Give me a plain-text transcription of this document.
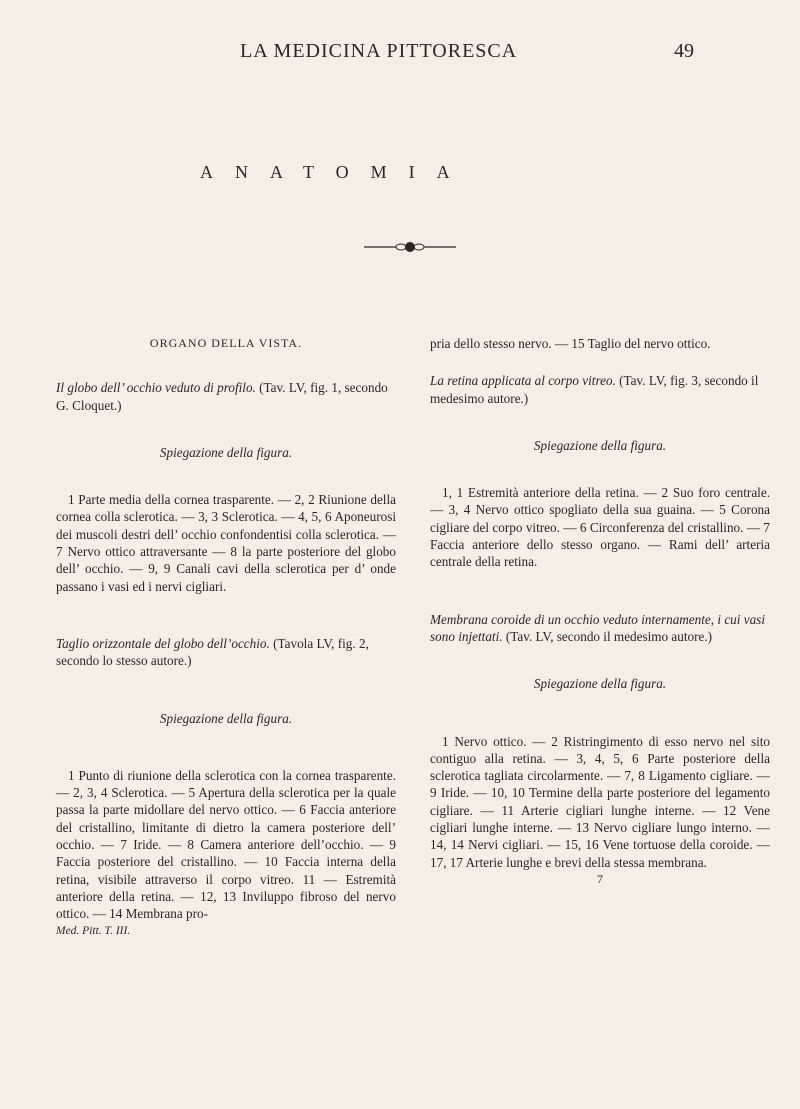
LA MEDICINA PITTORESCA	49
ANATOMIA

ORGANO DELLA VISTA.

Il globo dell’ occhio veduto di profilo. (Tav. LV, fig. 1, secondo G. Cloquet.)

Spiegazione della figura.

1 Parte media della cornea trasparente. — 2, 2 Riunione della cornea colla sclerotica. — 3, 3 Sclerotica. — 4, 5, 6 Aponeurosi dei muscoli destri dell’ occhio confondentisi colla sclerotica. — 7 Nervo ottico attraversante — 8 la parte posteriore del globo dell’ occhio. — 9, 9 Canali cavi della sclerotica per d’ onde passano i vasi ed i nervi cigliari.

Taglio orizzontale del globo dell’occhio. (Tavola LV, fig. 2, secondo lo stesso autore.)

Spiegazione della figura.

1 Punto di riunione della sclerotica con la cornea trasparente. — 2, 3, 4 Sclerotica. — 5 Apertura della sclerotica per la quale passa la parte midollare del nervo ottico. — 6 Faccia anteriore del cristallino, limitante di dietro la camera posteriore dell’ occhio. — 7 Iride. — 8 Camera anteriore dell’occhio. — 9 Faccia posteriore del cristallino. — 10 Faccia interna della retina, visibile attraverso il corpo vitreo. 11 — Estremità anteriore della retina. — 12, 13 Inviluppo fibroso del nervo ottico. — 14 Membrana pro-

Med. Pitt. T. III.

pria dello stesso nervo. — 15 Taglio del nervo ottico.

La retina applicata al corpo vitreo. (Tav. LV, fig. 3, secondo il medesimo autore.)

Spiegazione della figura.

1, 1 Estremità anteriore della retina. — 2 Suo foro centrale. — 3, 4 Nervo ottico spogliato della sua guaina. — 5 Corona cigliare del corpo vitreo. — 6 Circonferenza del cristallino. — 7 Faccia anteriore dello stesso organo. — Rami dell’ arteria centrale della retina.

Membrana coroide di un occhio veduto internamente, i cui vasi sono injettati. (Tav. LV, secondo il medesimo autore.)

Spiegazione della figura.

1 Nervo ottico. — 2 Ristringimento di esso nervo nel sito contiguo alla retina. — 3, 4, 5, 6 Parte posteriore della sclerotica tagliata circolarmente. — 7, 8 Ligamento cigliare. — 9 Iride. — 10, 10 Termine della parte posteriore del legamento cigliare. — 11 Arterie cigliari lunghe interne. — 12 Vene cigliari lunghe interne. — 13 Nervo cigliare lungo interno. — 14, 14 Nervi cigliari. — 15, 16 Vene tortuose della coroide. — 17, 17 Arterie lunghe e brevi della stessa membrana.

7
